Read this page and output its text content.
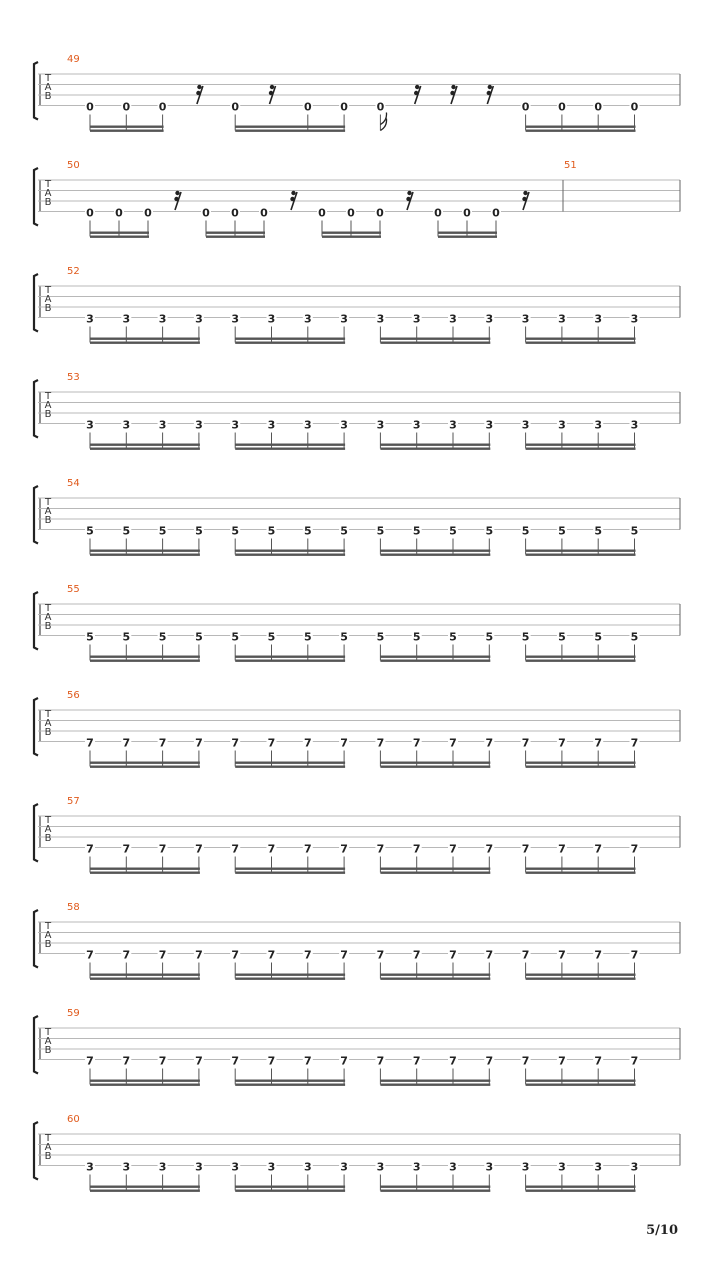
T
A
B
49
0	0	0	0	0	0	0	0	0	0	0
T
A
B
50
0 0 0	0 0 0	0 0 0	0 0 0
51
T
A
B
52
3	3	3	3	3	3	3	3	3	3	3	3	3	3	3	3
T
A
B
53
3	3	3	3	3	3	3	3	3	3	3	3	3	3	3	3
T
A
B
54
5	5	5	5	5	5	5	5	5	5	5	5	5	5	5	5
T
A
B
55
5	5	5	5	5	5	5	5	5	5	5	5	5	5	5	5
T
A
B
56
7	7	7	7	7	7	7	7	7	7	7	7	7	7	7	7
T
A
B
57
7	7	7	7	7	7	7	7	7	7	7	7	7	7	7	7
T
A
B
58
7	7	7	7	7	7	7	7	7	7	7	7	7	7	7	7
T
A
B
59
7	7	7	7	7	7	7	7	7	7	7	7	7	7	7	7
T
A
B
60
3	3	3	3	3	3	3	3	3	3	3	3	3	3	3	3
5/10
